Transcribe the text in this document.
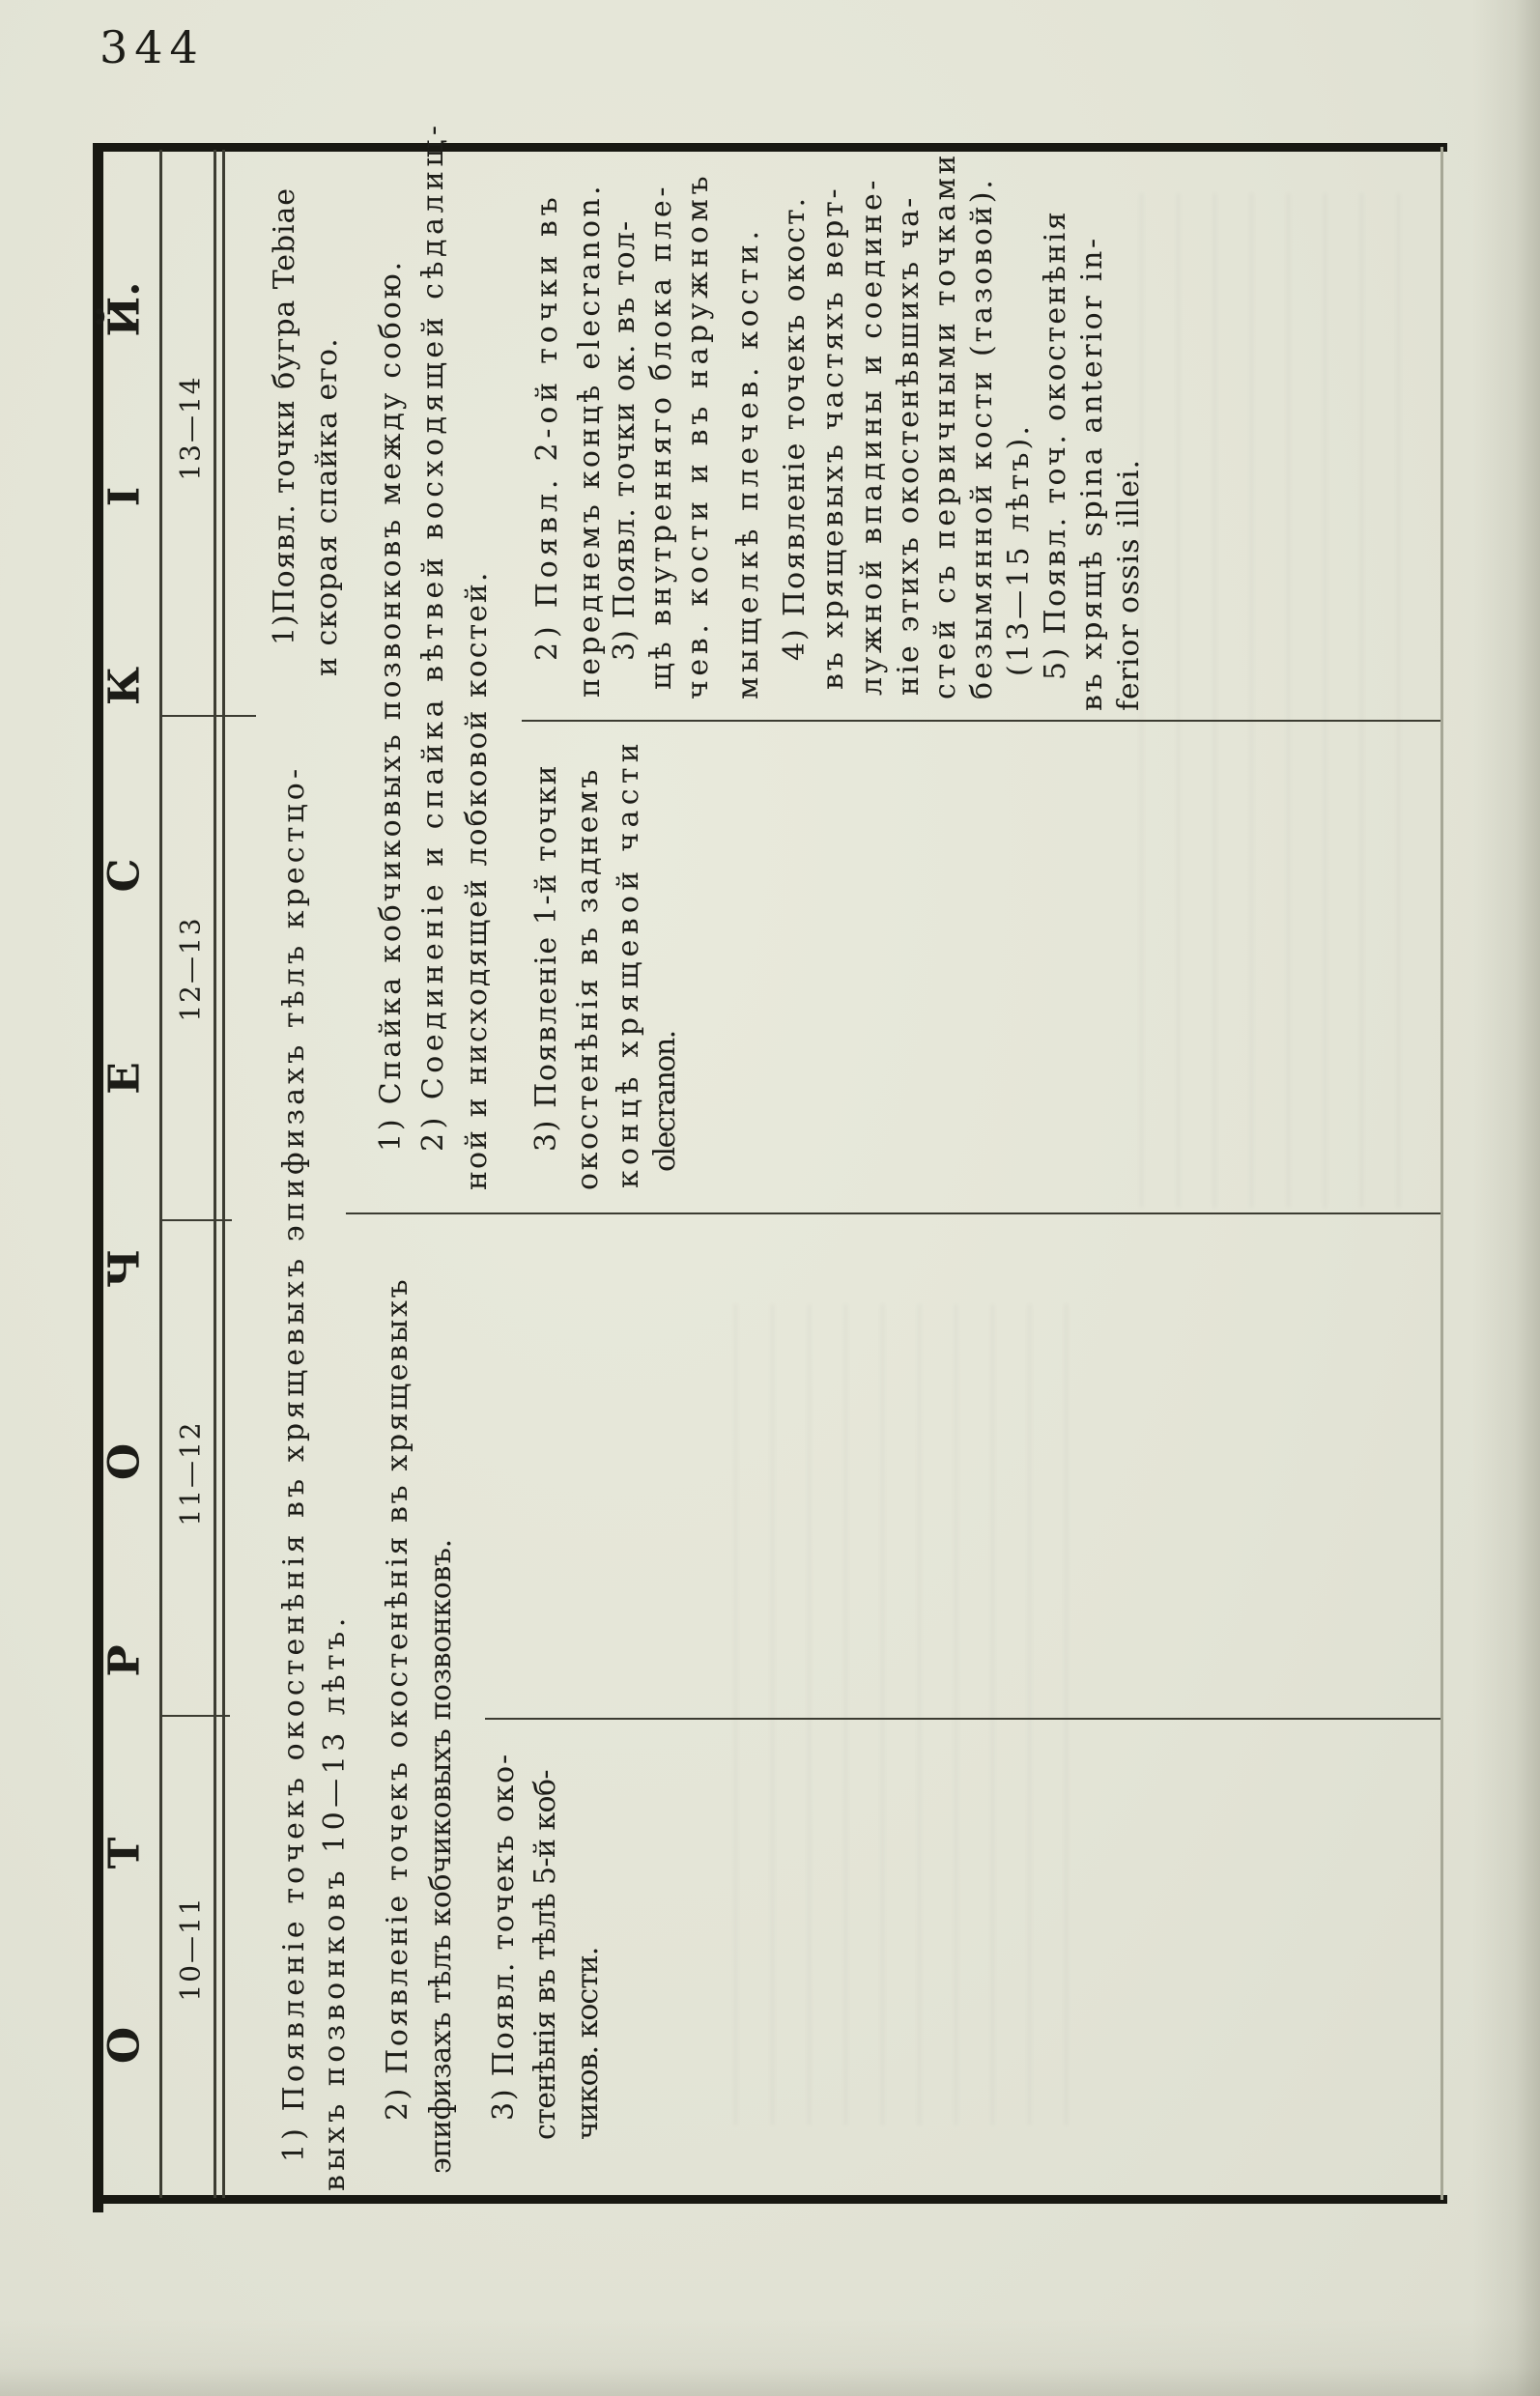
344
О
Т
Р
О
Ч
Е
С
К
І
Й.
13—14
12—13
11—12
10—11
1)Появл. точки бугра Tebiae и скорая спайка его.	2) Появл. 2-ой точки въ переднемъ концѣ elecranon. 3) Появл. точки ок. въ тол- щѣ внутренняго блока пле- чев. кости и въ наружномъ мыщелкѣ плечев. кости. 4) Появленіе точекъ окост. въ хрящевыхъ частяхъ верт- лужной впадины и соедине- ніе этихъ окостенѣвшихъ ча- стей съ первичными точками безымянной кости (тазовой). (13—15 лѣтъ). 5) Появл. точ. окостенѣнія въ хрящѣ spina anterior in- ferior ossis illei.
1) Спайка кобчиковыхъ позвонковъ между собою. 2) Соединеніе и спайка вѣтвей восходящей сѣдалищ- ной и нисходящей лобковой костей. 3) Появленіе 1-й точки окостенѣнія въ заднемъ концѣ хрящевой части olecranon.
1) Появленіе точекъ окостенѣнія въ хрящевыхъ эпифизахъ тѣлъ крестцо- выхъ позвонковъ 10—13 лѣтъ. 2) Появленіе точекъ окостенѣнія въ хрящевыхъ эпифизахъ тѣлъ кобчиковыхъ позвонковъ. 3) Появл. точекъ око- стенѣнія въ тѣлѣ 5-й коб- чиков. кости.
